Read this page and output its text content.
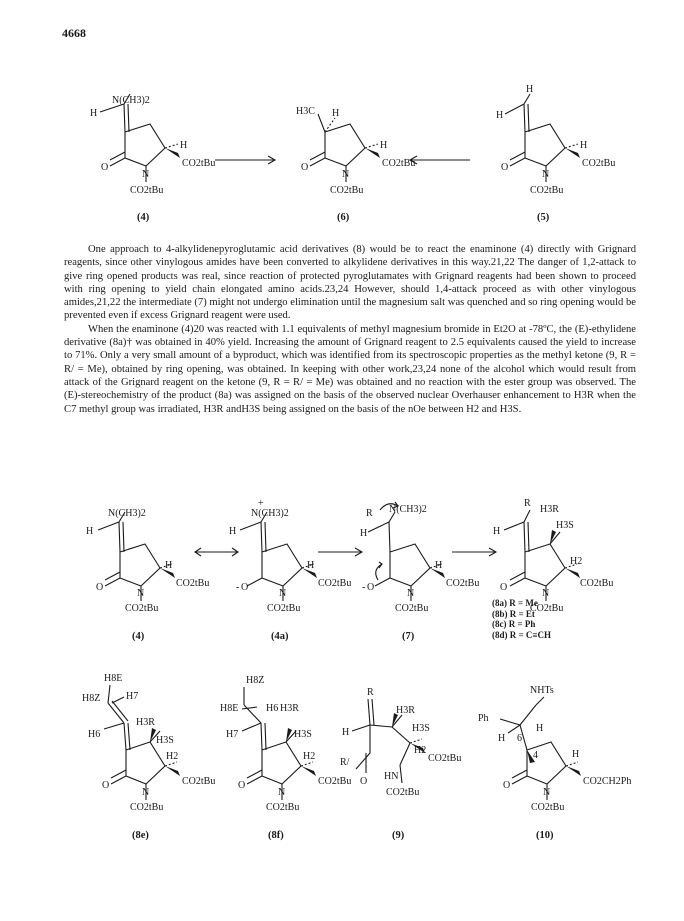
4668
N(CH3)2
H
H
O
N
CO2tBu
CO2tBu
(4)
H3C H
H
O
N
CO2tBu
CO2tBu
(6)
H
H
H
O
N
CO2tBu
CO2tBu
(5)

One approach to 4-alkylidenepyroglutamic acid derivatives (8) would be to react the enaminone (4) directly with Grignard reagents, since other vinylogous amides have been converted to alkylidene derivatives in this way.21,22 The danger of 1,2-attack to give ring opened products was real, since reaction of protected pyroglutamates with Grignard reagents had been shown to proceed with ring opening to yield chain elongated amino acids.23,24 However, should 1,4-attack proceed as with other vinylogous amides,21,22 the intermediate (7) might not undergo elimination until the magnesium salt was quenched and so ring opening would be prevented even if excess Grignard reagent were used.

When the enaminone (4)20 was reacted with 1.1 equivalents of methyl magnesium bromide in Et2O at -78ºC, the (E)-ethylidene derivative (8a)† was obtained in 40% yield. Increasing the amount of Grignard reagent to 2.5 equivalents caused the yield to increase to 71%. Only a very small amount of a byproduct, which was identified from its spectroscopic properties as the methyl ketone (9, R = R/ = Me), obtained by ring opening, was obtained. In keeping with other work,23,24 none of the alcohol which would result from attack of the Grignard reagent on the ketone (9, R = R/ = Me) was obtained and no reaction with the ester group was observed. The (E)-stereochemistry of the product (8a) was assigned on the basis of the observed nuclear Overhauser enhancement to H3R when the C7 methyl group was irradiated, H3R andH3S being assigned on the basis of the nOe between H2 and H3S.

N(CH3)2
H
H
O
N
CO2tBu
CO2tBu
(4)
+
N(CH3)2
H
H
- O
N
CO2tBu
CO2tBu
(4a)
R N(CH3)2
H
H
- O
N
CO2tBu
CO2tBu
(7)
R
H3R
H3S
H
H2
O
N
CO2tBu
CO2tBu
(8a) R = Me
(8b) R = Et
(8c) R = Ph
(8d) R = C≡CH
H8E
H8Z	H7
H6
H3R
H3S
H2
O
N
CO2tBu
CO2tBu
(8e)
H8Z
H8E	H6 H3R
H7	H3S
H2
O
N
CO2tBu
CO2tBu
(8f)
R
H
H3R
H3S
H2
R/
O HN
CO2tBu
CO2tBu
(9)
Ph
NHTs
H 6
H
4	H
O
N
CO2CH2Ph
CO2tBu
(10)
